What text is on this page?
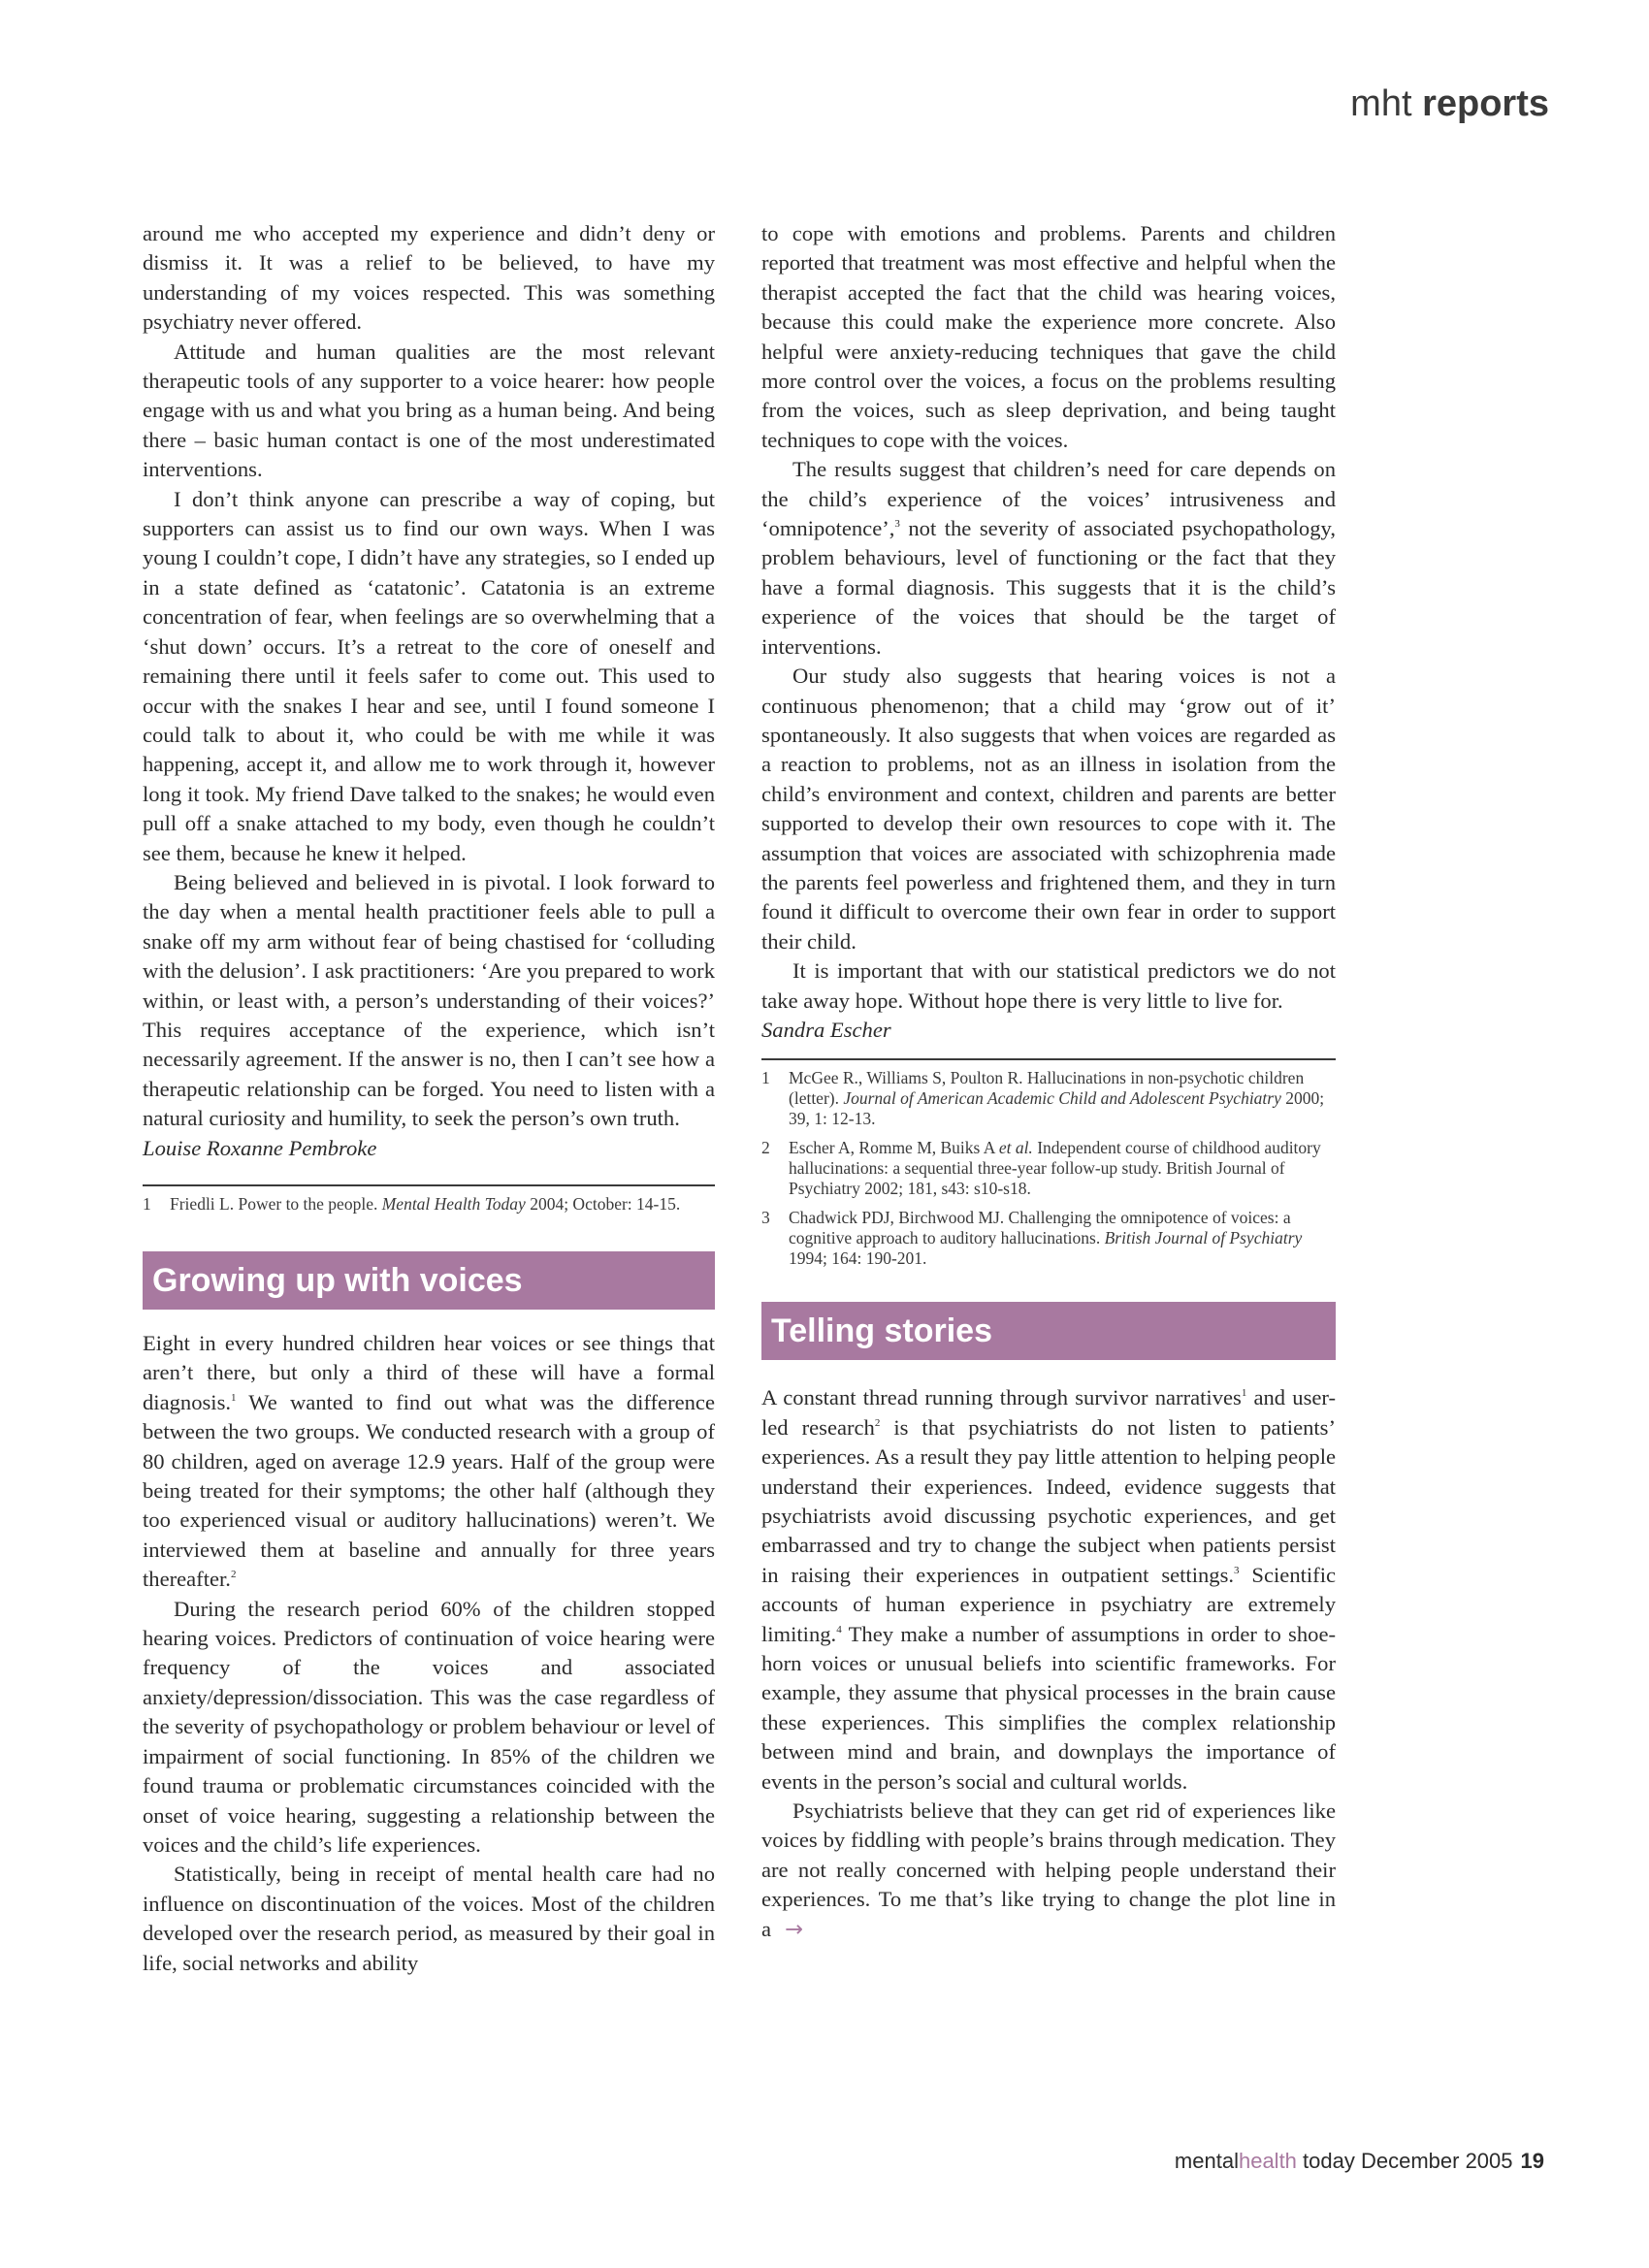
mht reports

around me who accepted my experience and didn’t deny or dismiss it. It was a relief to be believed, to have my understanding of my voices respected. This was something psychiatry never offered.

Attitude and human qualities are the most relevant therapeutic tools of any supporter to a voice hearer: how people engage with us and what you bring as a human being. And being there – basic human contact is one of the most underestimated interventions.

I don’t think anyone can prescribe a way of coping, but supporters can assist us to find our own ways. When I was young I couldn’t cope, I didn’t have any strategies, so I ended up in a state defined as ‘catatonic’. Catatonia is an extreme concentration of fear, when feelings are so overwhelming that a ‘shut down’ occurs. It’s a retreat to the core of oneself and remaining there until it feels safer to come out. This used to occur with the snakes I hear and see, until I found someone I could talk to about it, who could be with me while it was happening, accept it, and allow me to work through it, however long it took. My friend Dave talked to the snakes; he would even pull off a snake attached to my body, even though he couldn’t see them, because he knew it helped.

Being believed and believed in is pivotal. I look forward to the day when a mental health practitioner feels able to pull a snake off my arm without fear of being chastised for ‘colluding with the delusion’. I ask practitioners: ‘Are you prepared to work within, or least with, a person’s understanding of their voices?’ This requires acceptance of the experience, which isn’t necessarily agreement. If the answer is no, then I can’t see how a therapeutic relationship can be forged. You need to listen with a natural curiosity and humility, to seek the person’s own truth.

Louise Roxanne Pembroke

1	Friedli L. Power to the people. Mental Health Today 2004; October: 14-15.
Growing up with voices

Eight in every hundred children hear voices or see things that aren’t there, but only a third of these will have a formal diagnosis.$^1$ We wanted to find out what was the difference between the two groups. We conducted research with a group of 80 children, aged on average 12.9 years. Half of the group were being treated for their symptoms; the other half (although they too experienced visual or auditory hallucinations) weren’t. We interviewed them at baseline and annually for three years thereafter.$^2$

During the research period 60% of the children stopped hearing voices. Predictors of continuation of voice hearing were frequency of the voices and associated anxiety/depression/dissociation. This was the case regardless of the severity of psychopathology or problem behaviour or level of impairment of social functioning. In 85% of the children we found trauma or problematic circumstances coincided with the onset of voice hearing, suggesting a relationship between the voices and the child’s life experiences.

Statistically, being in receipt of mental health care had no influence on discontinuation of the voices. Most of the children developed over the research period, as measured by their goal in life, social networks and ability

to cope with emotions and problems. Parents and children reported that treatment was most effective and helpful when the therapist accepted the fact that the child was hearing voices, because this could make the experience more concrete. Also helpful were anxiety-reducing techniques that gave the child more control over the voices, a focus on the problems resulting from the voices, such as sleep deprivation, and being taught techniques to cope with the voices.

The results suggest that children’s need for care depends on the child’s experience of the voices’ intrusiveness and ‘omnipotence’,$^3$ not the severity of associated psychopathology, problem behaviours, level of functioning or the fact that they have a formal diagnosis. This suggests that it is the child’s experience of the voices that should be the target of interventions.

Our study also suggests that hearing voices is not a continuous phenomenon; that a child may ‘grow out of it’ spontaneously. It also suggests that when voices are regarded as a reaction to problems, not as an illness in isolation from the child’s environment and context, children and parents are better supported to develop their own resources to cope with it. The assumption that voices are associated with schizophrenia made the parents feel powerless and frightened them, and they in turn found it difficult to overcome their own fear in order to support their child.

It is important that with our statistical predictors we do not take away hope. Without hope there is very little to live for.

Sandra Escher

1	McGee R., Williams S, Poulton R. Hallucinations in non-psychotic children (letter). Journal of American Academic Child and Adolescent Psychiatry 2000; 39, 1: 12-13.
2	Escher A, Romme M, Buiks A et al. Independent course of childhood auditory hallucinations: a sequential three-year follow-up study. British Journal of Psychiatry 2002; 181, s43: s10-s18.
3	Chadwick PDJ, Birchwood MJ. Challenging the omnipotence of voices: a cognitive approach to auditory hallucinations. British Journal of Psychiatry 1994; 164: 190-201.
Telling stories

A constant thread running through survivor narratives$^1$ and user-led research$^2$ is that psychiatrists do not listen to patients’ experiences. As a result they pay little attention to helping people understand their experiences. Indeed, evidence suggests that psychiatrists avoid discussing psychotic experiences, and get embarrassed and try to change the subject when patients persist in raising their experiences in outpatient settings.$^3$ Scientific accounts of human experience in psychiatry are extremely limiting.$^4$ They make a number of assumptions in order to shoe-horn voices or unusual beliefs into scientific frameworks. For example, they assume that physical processes in the brain cause these experiences. This simplifies the complex relationship between mind and brain, and downplays the importance of events in the person’s social and cultural worlds.

Psychiatrists believe that they can get rid of experiences like voices by fiddling with people’s brains through medication. They are not really concerned with helping people understand their experiences. To me that’s like trying to change the plot line in a →

mentalhealth today December 2005 19
